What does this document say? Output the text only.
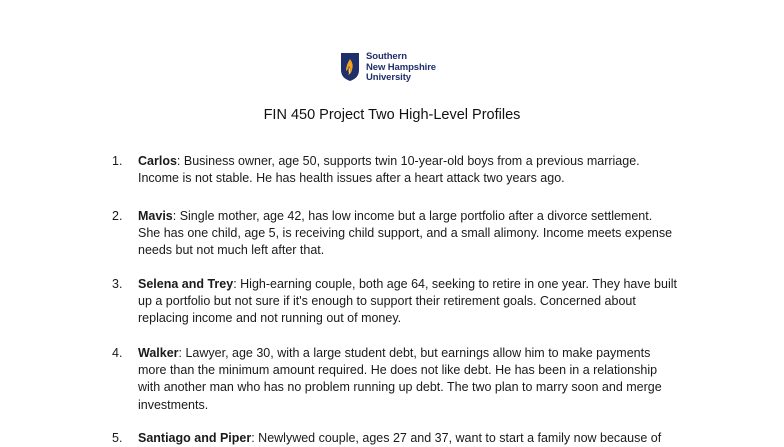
Southern
New Hampshire
University
FIN 450 Project Two High-Level Profiles
1. Carlos: Business owner, age 50, supports twin 10-year-old boys from a previous marriage.
Income is not stable. He has health issues after a heart attack two years ago.
2. Mavis: Single mother, age 42, has low income but a large portfolio after a divorce settlement.
She has one child, age 5, is receiving child support, and a small alimony. Income meets expense
needs but not much left after that.
3. Selena and Trey: High-earning couple, both age 64, seeking to retire in one year. They have built
up a portfolio but not sure if it's enough to support their retirement goals. Concerned about
replacing income and not running out of money.
4. Walker: Lawyer, age 30, with a large student debt, but earnings allow him to make payments
more than the minimum amount required. He does not like debt. He has been in a relationship
with another man who has no problem running up debt. The two plan to marry soon and merge
investments.
5. Santiago and Piper: Newlywed couple, ages 27 and 37, want to start a family now because of
